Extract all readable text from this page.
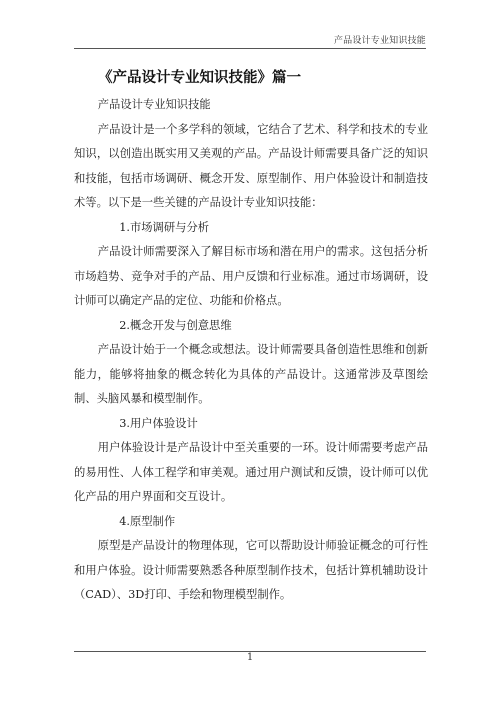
产品设计专业知识技能
《产品设计专业知识技能》篇一

产品设计专业知识技能

产品设计是一个多学科的领域，它结合了艺术、科学和技术的专业知识，以创造出既实用又美观的产品。产品设计师需要具备广泛的知识和技能，包括市场调研、概念开发、原型制作、用户体验设计和制造技术等。以下是一些关键的产品设计专业知识技能：

1.市场调研与分析

产品设计师需要深入了解目标市场和潜在用户的需求。这包括分析市场趋势、竞争对手的产品、用户反馈和行业标准。通过市场调研，设计师可以确定产品的定位、功能和价格点。

2.概念开发与创意思维

产品设计始于一个概念或想法。设计师需要具备创造性思维和创新能力，能够将抽象的概念转化为具体的产品设计。这通常涉及草图绘制、头脑风暴和模型制作。

3.用户体验设计

用户体验设计是产品设计中至关重要的一环。设计师需要考虑产品的易用性、人体工程学和审美观。通过用户测试和反馈，设计师可以优化产品的用户界面和交互设计。

4.原型制作

原型是产品设计的物理体现，它可以帮助设计师验证概念的可行性和用户体验。设计师需要熟悉各种原型制作技术，包括计算机辅助设计（CAD）、3D打印、手绘和物理模型制作。

1
